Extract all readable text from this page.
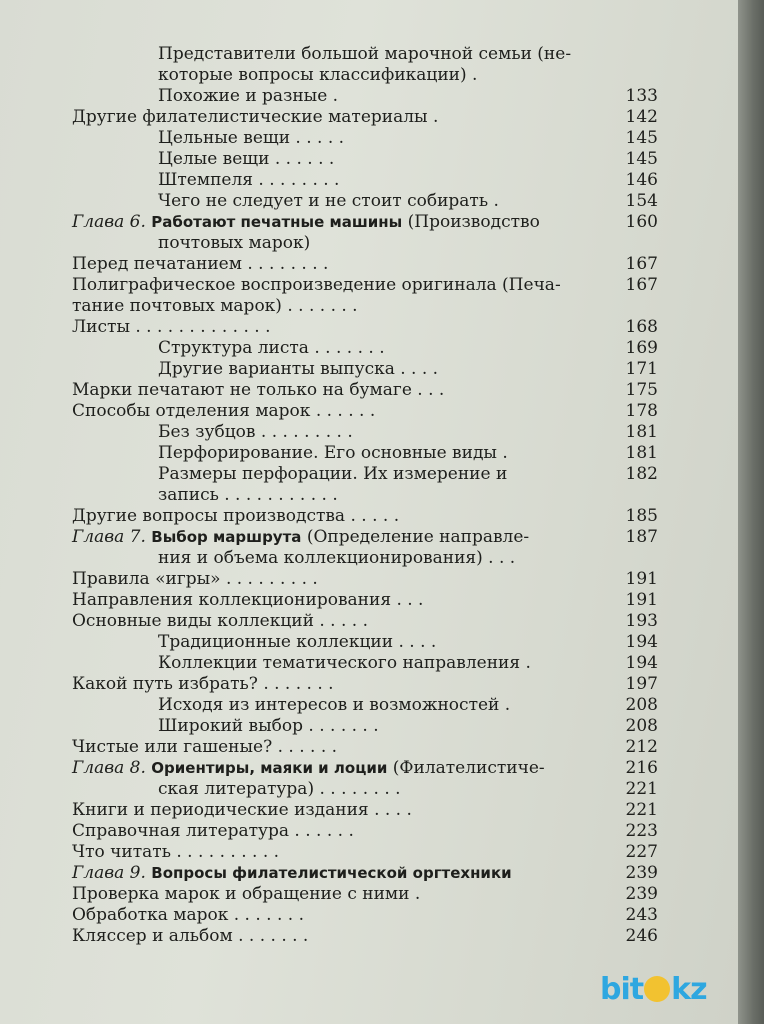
Представители большой марочной семьи (не-
которые вопросы классификации) .
Похожие и разные .	133
Другие филателистические материалы .	142
Цельные вещи . . . . .	145
Целые вещи . . . . . .	145
Штемпеля . . . . . . . .	146
Чего не следует и не стоит собирать .	154
Глава 6. Работают печатные машины (Производство	160
почтовых марок)
Перед печатанием . . . . . . . .	167
Полиграфическое воспроизведение оригинала (Печа-	167
тание почтовых марок) . . . . . . .
Листы . . . . . . . . . . . . .	168
Структура листа . . . . . . .	169
Другие варианты выпуска . . . .	171
Марки печатают не только на бумаге . . .	175
Способы отделения марок . . . . . .	178
Без зубцов . . . . . . . . .	181
Перфорирование. Его основные виды .	181
Размеры перфорации. Их измерение и	182
запись . . . . . . . . . . .
Другие вопросы производства . . . . .	185
Глава 7. Выбор маршрута (Определение направле-	187
ния и объема коллекционирования) . . .
Правила «игры» . . . . . . . . .	191
Направления коллекционирования . . .	191
Основные виды коллекций . . . . .	193
Традиционные коллекции . . . .	194
Коллекции тематического направления .	194
Какой путь избрать? . . . . . . .	197
Исходя из интересов и возможностей .	208
Широкий выбор . . . . . . .	208
Чистые или гашеные? . . . . . .	212
Глава 8. Ориентиры, маяки и лоции (Филателистиче-	216
ская литература) . . . . . . . .	221
Книги и периодические издания . . . .	221
Справочная литература . . . . . .	223
Что читать . . . . . . . . . .	227
Глава 9. Вопросы филателистической оргтехники	239
Проверка марок и обращение с ними .	239
Обработка марок . . . . . . .	243
Кляссер и альбом . . . . . . .	246
bit kz
